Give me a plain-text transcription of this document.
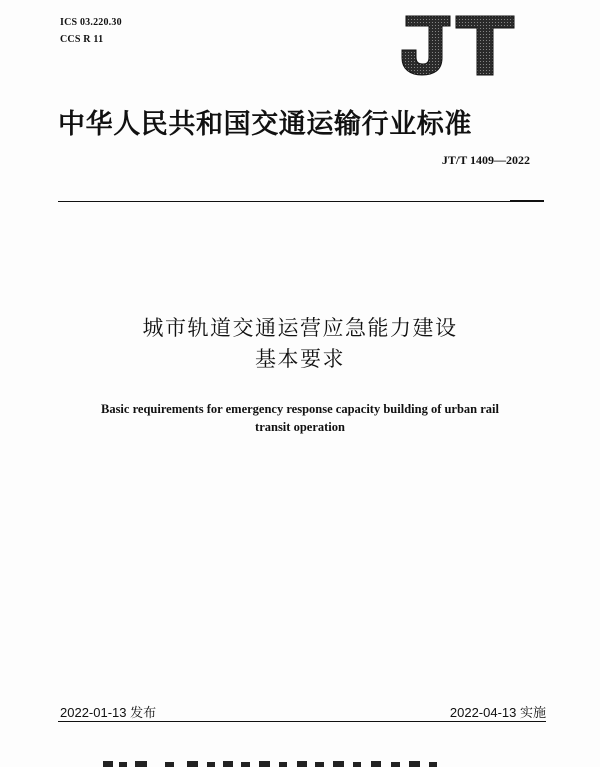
ICS 03.220.30
CCS R 11
JT
中华人民共和国交通运输行业标准
JT/T 1409—2022
城市轨道交通运营应急能力建设
基本要求
Basic requirements for emergency response capacity building of urban rail
transit operation
2022-01-13 发布	2022-04-13 实施
